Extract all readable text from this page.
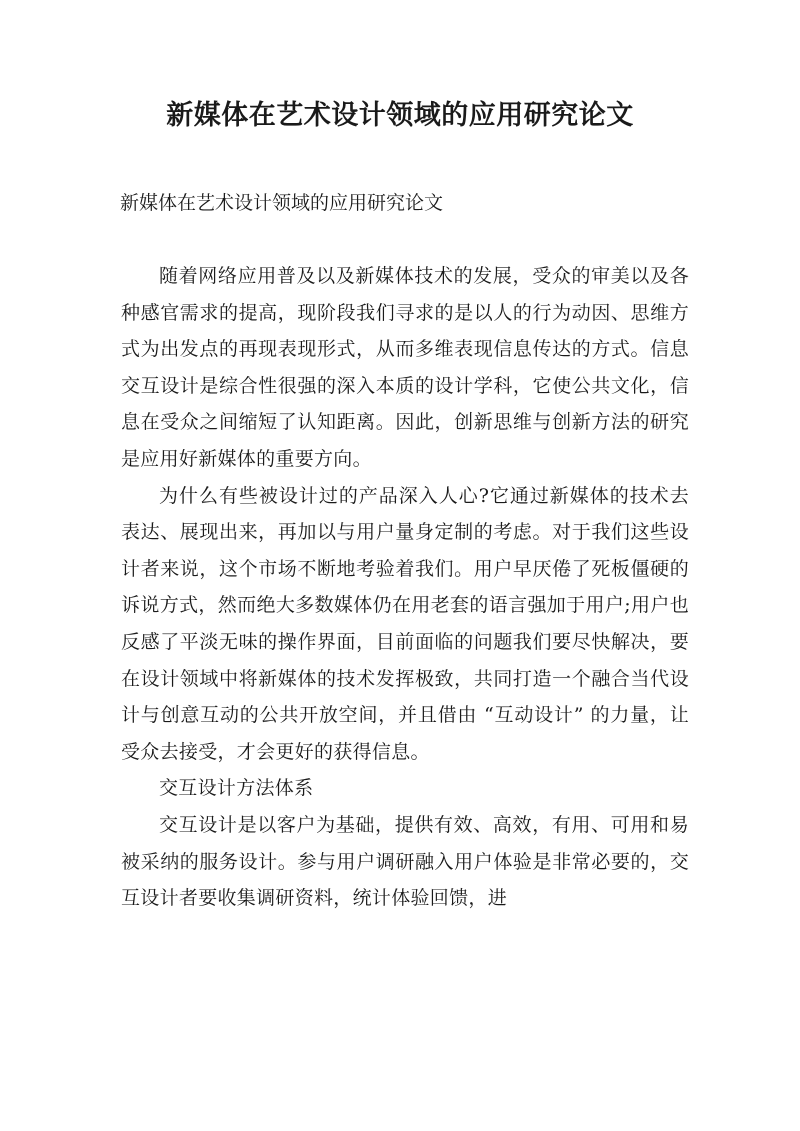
新媒体在艺术设计领域的应用研究论文

新媒体在艺术设计领域的应用研究论文

随着网络应用普及以及新媒体技术的发展，受众的审美以及各种感官需求的提高，现阶段我们寻求的是以人的行为动因、思维方式为出发点的再现表现形式，从而多维表现信息传达的方式。信息交互设计是综合性很强的深入本质的设计学科，它使公共文化，信息在受众之间缩短了认知距离。因此，创新思维与创新方法的研究是应用好新媒体的重要方向。

为什么有些被设计过的产品深入人心?它通过新媒体的技术去表达、展现出来，再加以与用户量身定制的考虑。对于我们这些设计者来说，这个市场不断地考验着我们。用户早厌倦了死板僵硬的诉说方式，然而绝大多数媒体仍在用老套的语言强加于用户;用户也反感了平淡无味的操作界面，目前面临的问题我们要尽快解决，要在设计领域中将新媒体的技术发挥极致，共同打造一个融合当代设计与创意互动的公共开放空间，并且借由 “互动设计” 的力量，让受众去接受，才会更好的获得信息。

交互设计方法体系

交互设计是以客户为基础，提供有效、高效，有用、可用和易被采纳的服务设计。参与用户调研融入用户体验是非常必要的，交互设计者要收集调研资料，统计体验回馈，进
